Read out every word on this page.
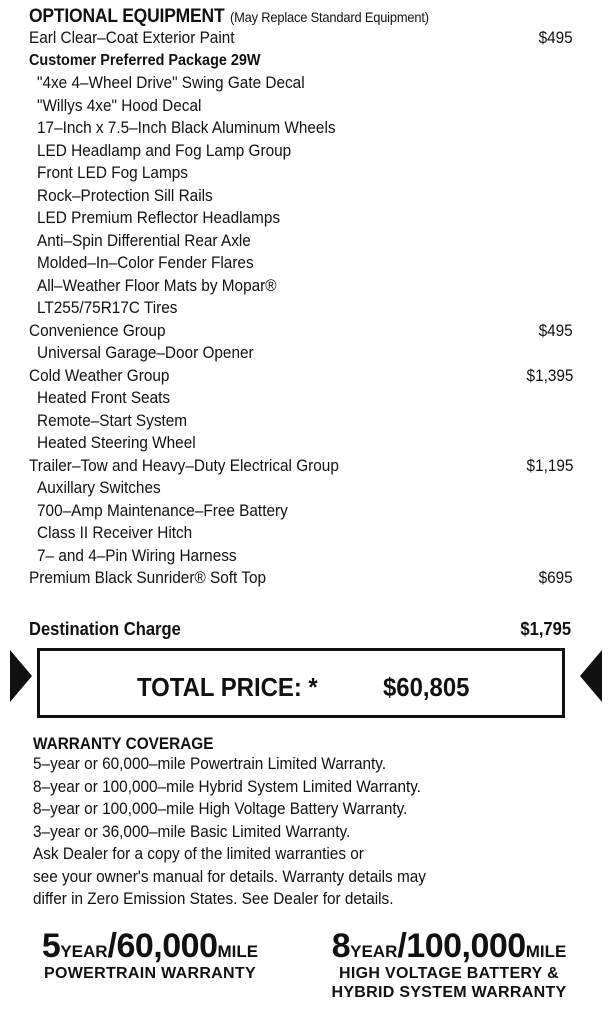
OPTIONAL EQUIPMENT (May Replace Standard Equipment)
Earl Clear–Coat Exterior Paint	$495
Customer Preferred Package 29W
"4xe 4–Wheel Drive" Swing Gate Decal
"Willys 4xe" Hood Decal
17–Inch x 7.5–Inch Black Aluminum Wheels
LED Headlamp and Fog Lamp Group
Front LED Fog Lamps
Rock–Protection Sill Rails
LED Premium Reflector Headlamps
Anti–Spin Differential Rear Axle
Molded–In–Color Fender Flares
All–Weather Floor Mats by Mopar®
LT255/75R17C Tires
Convenience Group	$495
Universal Garage–Door Opener
Cold Weather Group	$1,395
Heated Front Seats
Remote–Start System
Heated Steering Wheel
Trailer–Tow and Heavy–Duty Electrical Group	$1,195
Auxillary Switches
700–Amp Maintenance–Free Battery
Class II Receiver Hitch
7– and 4–Pin Wiring Harness
Premium Black Sunrider® Soft Top	$695
Destination Charge	$1,795
TOTAL PRICE: *	$60,805
WARRANTY COVERAGE
5–year or 60,000–mile Powertrain Limited Warranty.
8–year or 100,000–mile Hybrid System Limited Warranty.
8–year or 100,000–mile High Voltage Battery Warranty.
3–year or 36,000–mile Basic Limited Warranty.
Ask Dealer for a copy of the limited warranties or
see your owner's manual for details. Warranty details may
differ in Zero Emission States. See Dealer for details.
5YEAR/60,000MILE
POWERTRAIN WARRANTY
8YEAR/100,000MILE
HIGH VOLTAGE BATTERY &
HYBRID SYSTEM WARRANTY
